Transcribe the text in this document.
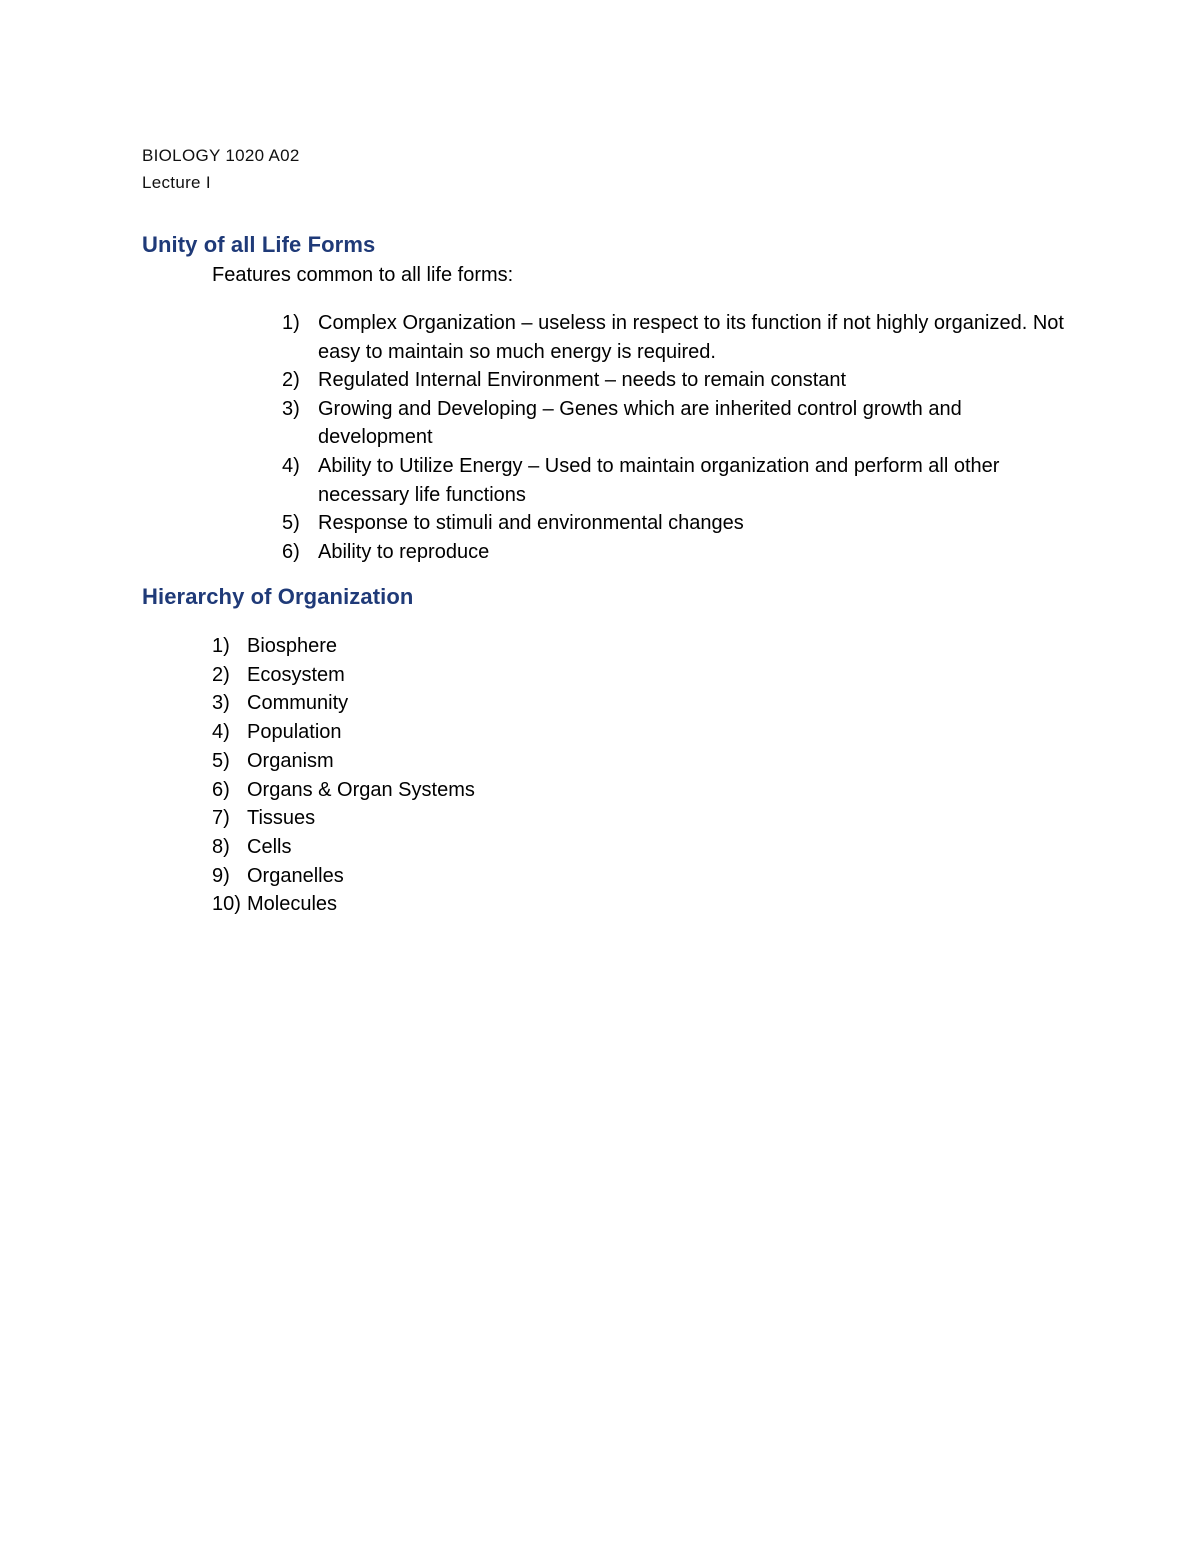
BIOLOGY 1020 A02
Lecture I
Unity of all Life Forms
Features common to all life forms:
1) Complex Organization – useless in respect to its function if not highly organized. Not easy to maintain so much energy is required.
2) Regulated Internal Environment – needs to remain constant
3) Growing and Developing – Genes which are inherited control growth and development
4) Ability to Utilize Energy – Used to maintain organization and perform all other necessary life functions
5) Response to stimuli and environmental changes
6) Ability to reproduce
Hierarchy of Organization
1) Biosphere
2) Ecosystem
3) Community
4) Population
5) Organism
6) Organs & Organ Systems
7) Tissues
8) Cells
9) Organelles
10) Molecules
